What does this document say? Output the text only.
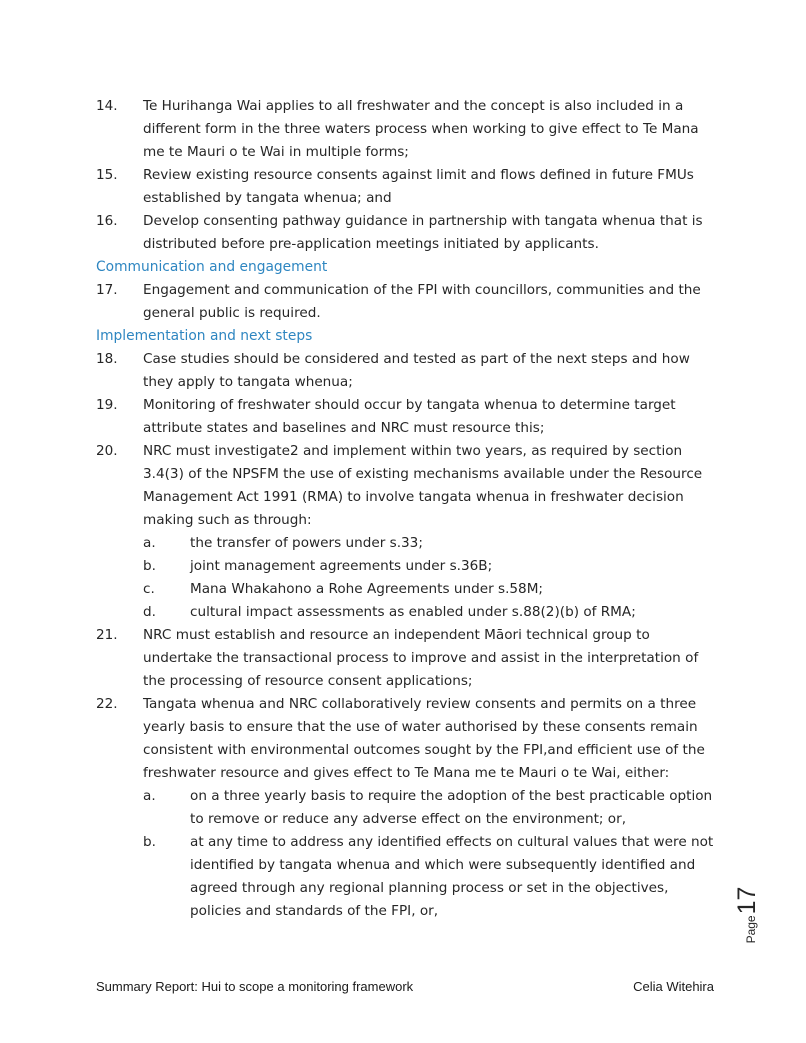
14.	Te Hurihanga Wai applies to all freshwater and the concept is also included in a different form in the three waters process when working to give effect to Te Mana me te Mauri o te Wai in multiple forms;
15.	Review existing resource consents against limit and flows defined in future FMUs established by tangata whenua; and
16.	Develop consenting pathway guidance in partnership with tangata whenua that is distributed before pre-application meetings initiated by applicants.
Communication and engagement
17.	Engagement and communication of the FPI with councillors, communities and the general public is required.
Implementation and next steps
18.	Case studies should be considered and tested as part of the next steps and how they apply to tangata whenua;
19.	Monitoring of freshwater should occur by tangata whenua to determine target attribute states and baselines and NRC must resource this;
20.	NRC must investigate2 and implement within two years, as required by section 3.4(3) of the NPSFM the use of existing mechanisms available under the Resource Management Act 1991 (RMA) to involve tangata whenua in freshwater decision making such as through:
a.	the transfer of powers under s.33;
b.	joint management agreements under s.36B;
c.	Mana Whakahono a Rohe Agreements under s.58M;
d.	cultural impact assessments as enabled under s.88(2)(b) of RMA;
21.	NRC must establish and resource an independent Māori technical group to undertake the transactional process to improve and assist in the interpretation of the processing of resource consent applications;
22.	Tangata whenua and NRC collaboratively review consents and permits on a three yearly basis to ensure that the use of water authorised by these consents remain consistent with environmental outcomes sought by the FPI,and efficient use of the freshwater resource and gives effect to Te Mana me te Mauri o te Wai, either:
a.	on a three yearly basis to require the adoption of the best practicable option to remove or reduce any adverse effect on the environment; or,
b.	at any time to address any identified effects on cultural values that were not identified by tangata whenua and which were subsequently identified and agreed through any regional planning process or set in the objectives, policies and standards of the FPI, or,
Page
17
Summary Report: Hui to scope a monitoring framework	Celia Witehira
